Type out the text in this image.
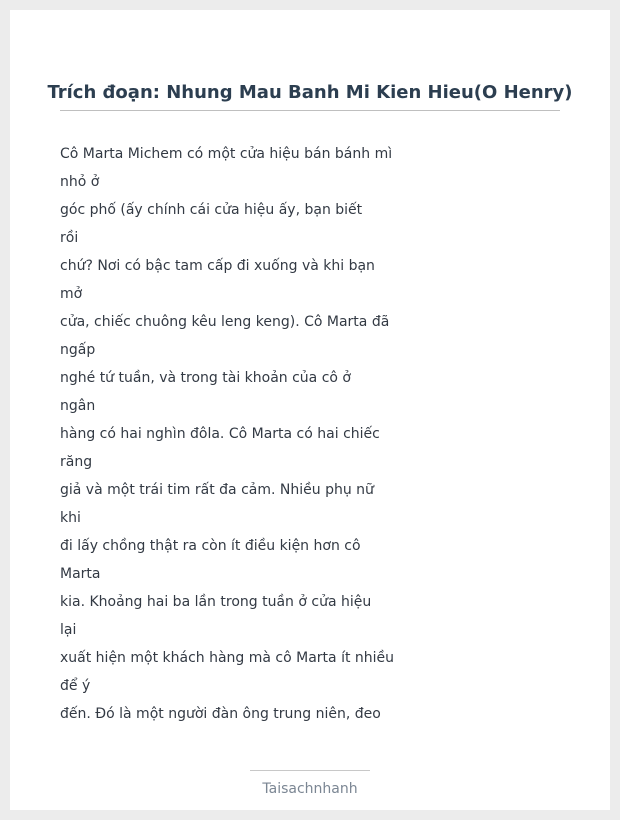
Trích đoạn: Nhung Mau Banh Mi Kien Hieu(O Henry)
Cô Marta Michem có một cửa hiệu bán bánh mì
nhỏ ở
góc phố (ấy chính cái cửa hiệu ấy, bạn biết
rồi
chứ? Nơi có bậc tam cấp đi xuống và khi bạn
mở
cửa, chiếc chuông kêu leng keng). Cô Marta đã
ngấp
nghé tứ tuần, và trong tài khoản của cô ở
ngân
hàng có hai nghìn đôla. Cô Marta có hai chiếc
răng
giả và một trái tim rất đa cảm. Nhiều phụ nữ
khi
đi lấy chồng thật ra còn ít điều kiện hơn cô
Marta
kia. Khoảng hai ba lần trong tuần ở cửa hiệu
lại
xuất hiện một khách hàng mà cô Marta ít nhiều
để ý
đến. Đó là một người đàn ông trung niên, đeo
Taisachnhanh
